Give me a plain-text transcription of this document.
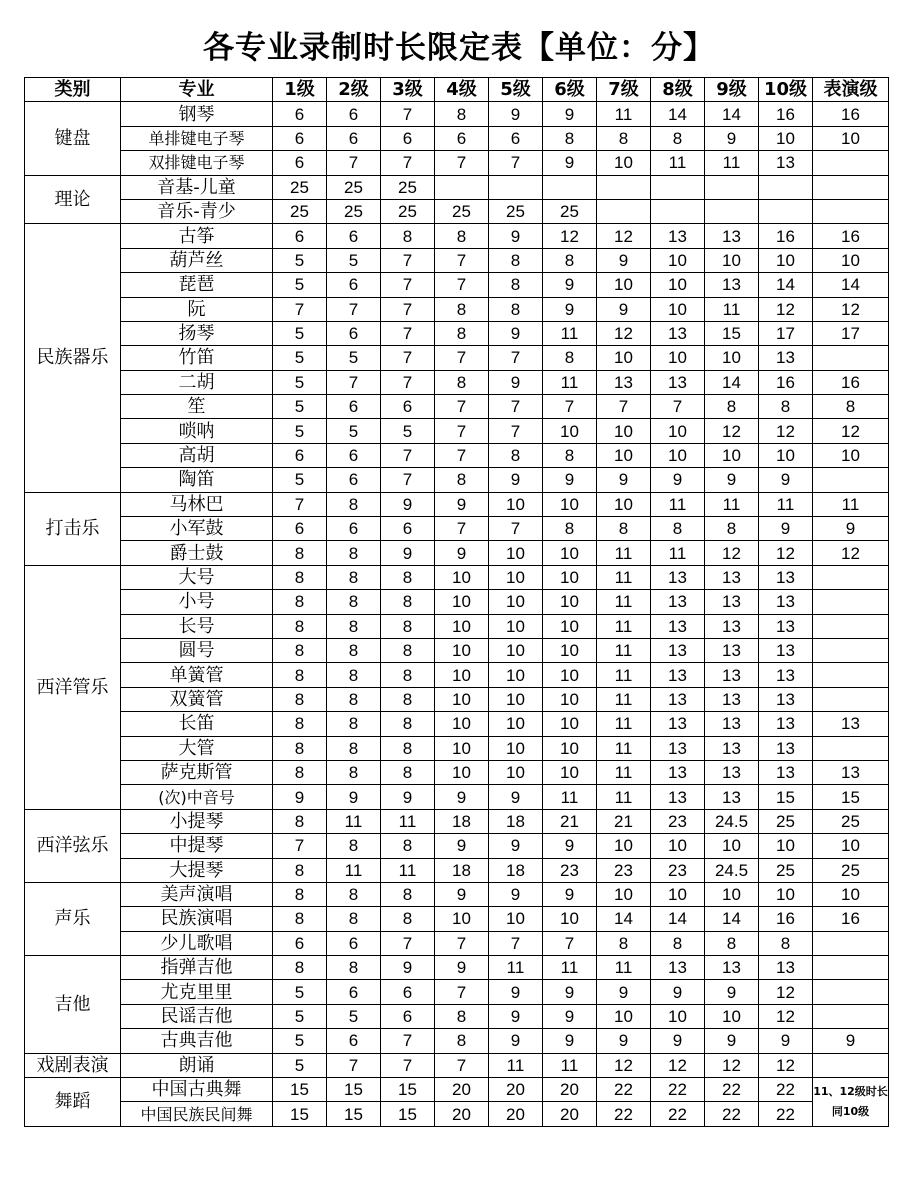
各专业录制时长限定表【单位：分】
类别	专业	1级	2级	3级	4级	5级	6级	7级	8级	9级	10级	表演级
键盘	钢琴	6	6	7	8	9	9	11	14	14	16	16
	单排键电子琴	6	6	6	6	6	8	8	8	9	10	10
	双排键电子琴	6	7	7	7	7	9	10	11	11	13	
理论	音基-儿童	25	25	25								
	音乐-青少	25	25	25	25	25	25					
民族器乐	古筝	6	6	8	8	9	12	12	13	13	16	16
	葫芦丝	5	5	7	7	8	8	9	10	10	10	10
	琵琶	5	6	7	7	8	9	10	10	13	14	14
	阮	7	7	7	8	8	9	9	10	11	12	12
	扬琴	5	6	7	8	9	11	12	13	15	17	17
	竹笛	5	5	7	7	7	8	10	10	10	13	
	二胡	5	7	7	8	9	11	13	13	14	16	16
	笙	5	6	6	7	7	7	7	7	8	8	8
	唢呐	5	5	5	7	7	10	10	10	12	12	12
	高胡	6	6	7	7	8	8	10	10	10	10	10
	陶笛	5	6	7	8	9	9	9	9	9	9	
打击乐	马林巴	7	8	9	9	10	10	10	11	11	11	11
	小军鼓	6	6	6	7	7	8	8	8	8	9	9
	爵士鼓	8	8	9	9	10	10	11	11	12	12	12
西洋管乐	大号	8	8	8	10	10	10	11	13	13	13	
	小号	8	8	8	10	10	10	11	13	13	13	
	长号	8	8	8	10	10	10	11	13	13	13	
	圆号	8	8	8	10	10	10	11	13	13	13	
	单簧管	8	8	8	10	10	10	11	13	13	13	
	双簧管	8	8	8	10	10	10	11	13	13	13	
	长笛	8	8	8	10	10	10	11	13	13	13	13
	大管	8	8	8	10	10	10	11	13	13	13	
	萨克斯管	8	8	8	10	10	10	11	13	13	13	13
	(次)中音号	9	9	9	9	9	11	11	13	13	15	15
西洋弦乐	小提琴	8	11	11	18	18	21	21	23	24.5	25	25
	中提琴	7	8	8	9	9	9	10	10	10	10	10
	大提琴	8	11	11	18	18	23	23	23	24.5	25	25
声乐	美声演唱	8	8	8	9	9	9	10	10	10	10	10
	民族演唱	8	8	8	10	10	10	14	14	14	16	16
	少儿歌唱	6	6	7	7	7	7	8	8	8	8	
吉他	指弹吉他	8	8	9	9	11	11	11	13	13	13	
	尤克里里	5	6	6	7	9	9	9	9	9	12	
	民谣吉他	5	5	6	8	9	9	10	10	10	12	
	古典吉他	5	6	7	8	9	9	9	9	9	9	9
戏剧表演	朗诵	5	7	7	7	11	11	12	12	12	12	
舞蹈	中国古典舞	15	15	15	20	20	20	22	22	22	22	11、12级时长同10级
	中国民族民间舞	15	15	15	20	20	20	22	22	22	22	
